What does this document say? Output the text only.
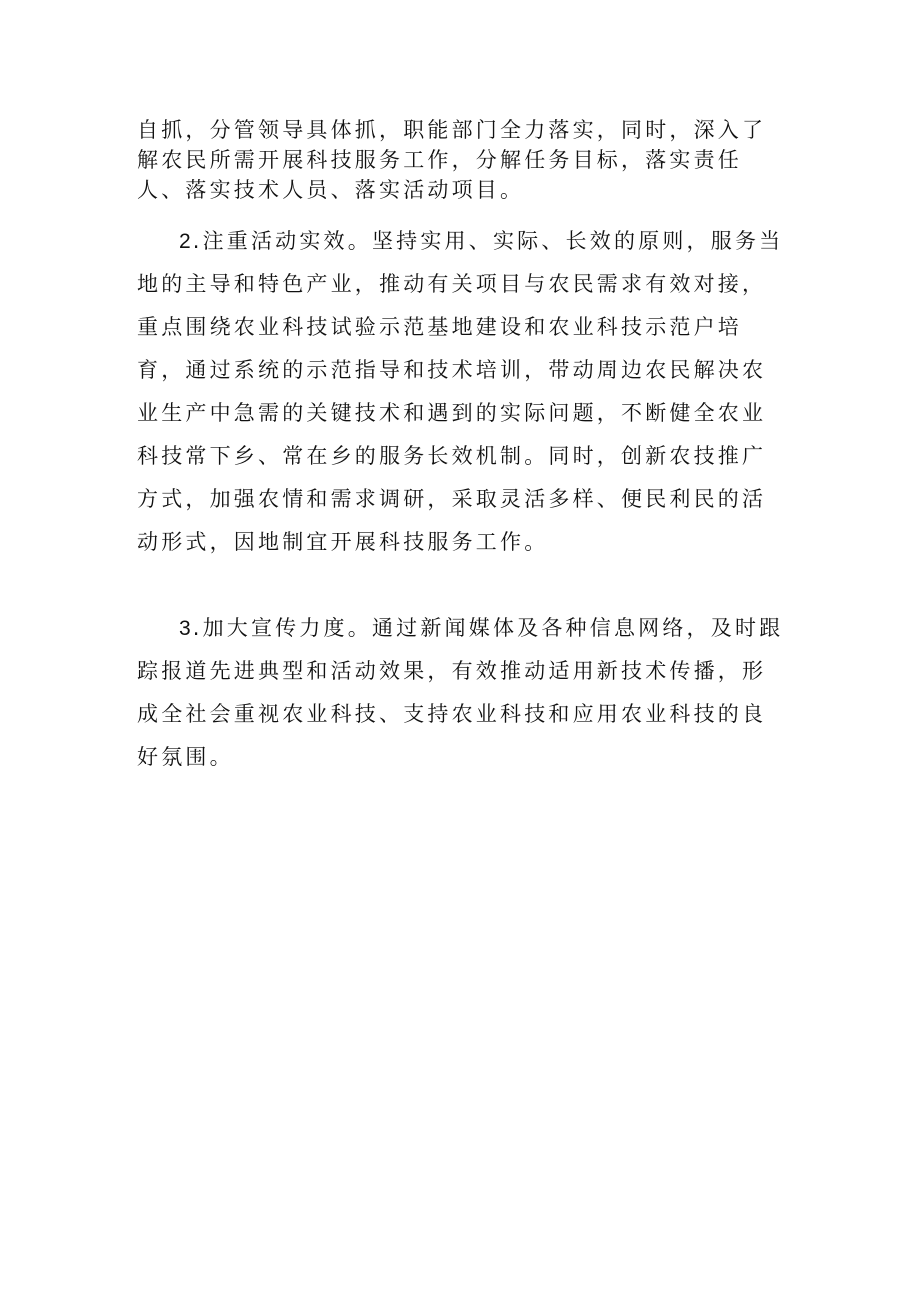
自抓，分管领导具体抓，职能部门全力落实，同时，深入了解农民所需开展科技服务工作，分解任务目标，落实责任人、落实技术人员、落实活动项目。

2.注重活动实效。坚持实用、实际、长效的原则，服务当地的主导和特色产业，推动有关项目与农民需求有效对接，重点围绕农业科技试验示范基地建设和农业科技示范户培育，通过系统的示范指导和技术培训，带动周边农民解决农业生产中急需的关键技术和遇到的实际问题，不断健全农业科技常下乡、常在乡的服务长效机制。同时，创新农技推广方式，加强农情和需求调研，采取灵活多样、便民利民的活动形式，因地制宜开展科技服务工作。

3.加大宣传力度。通过新闻媒体及各种信息网络，及时跟踪报道先进典型和活动效果，有效推动适用新技术传播，形成全社会重视农业科技、支持农业科技和应用农业科技的良好氛围。
